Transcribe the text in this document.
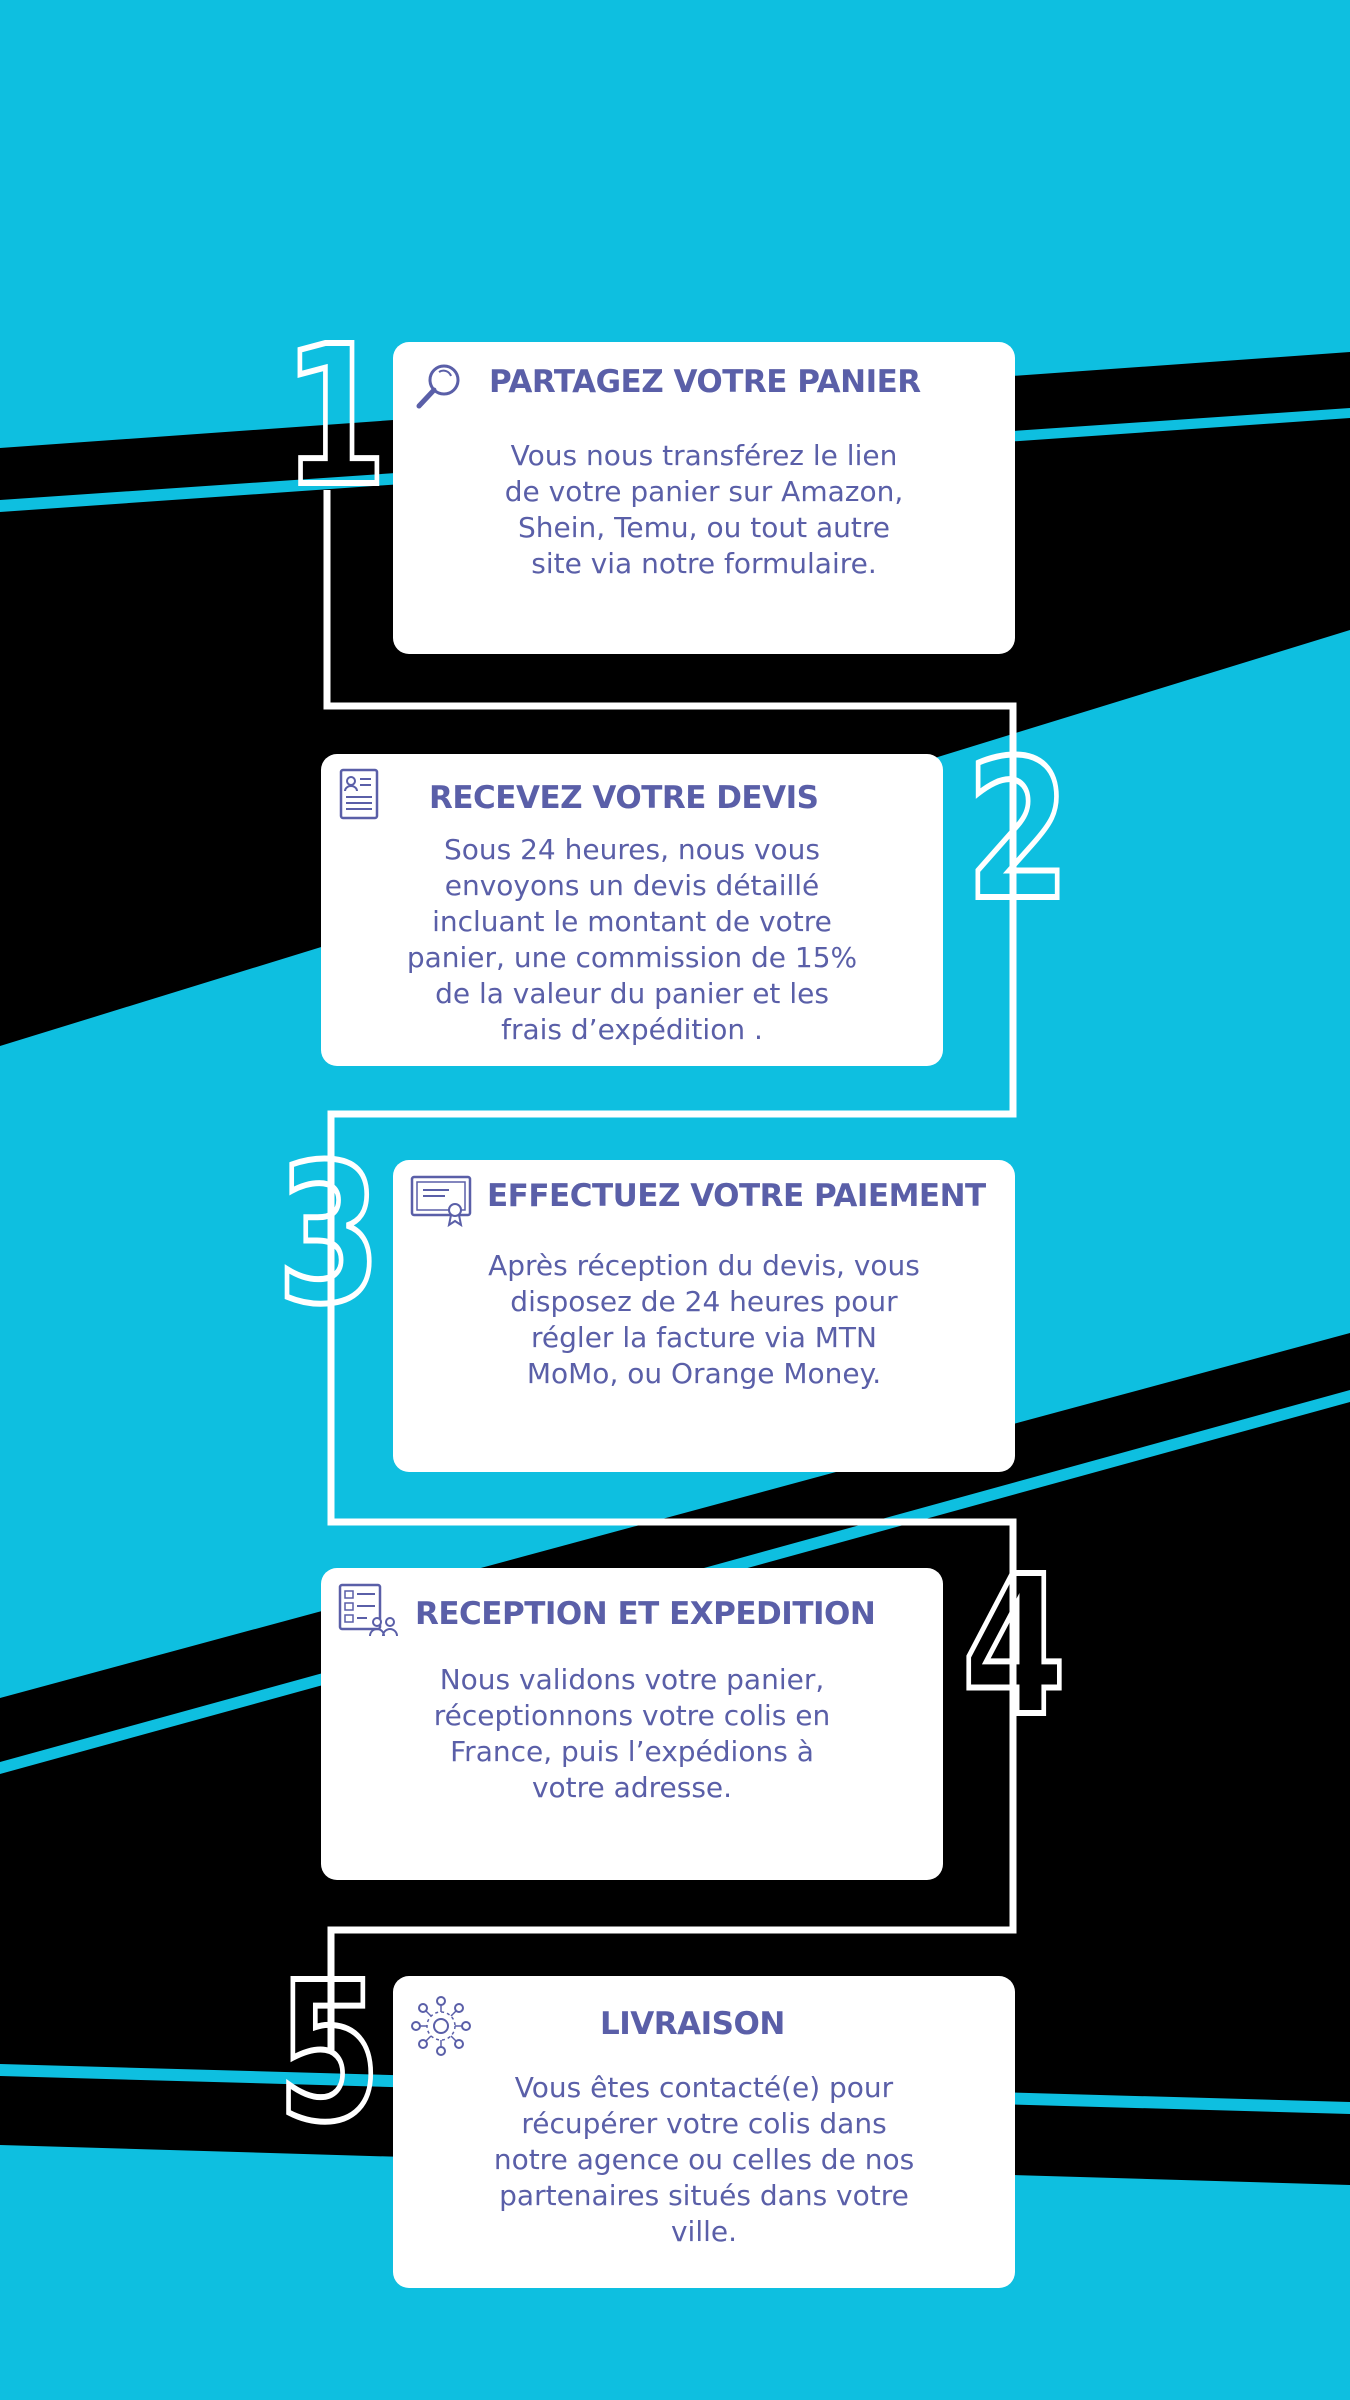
PARTAGEZ VOTRE PANIER
Vous nous transférez le lien
de votre panier sur Amazon,
Shein, Temu, ou tout autre
site via notre formulaire.
1
RECEVEZ VOTRE DEVIS
Sous 24 heures, nous vous
envoyons un devis détaillé
incluant le montant de votre
panier, une commission de 15%
de la valeur du panier et les
frais d’expédition .
2
EFFECTUEZ VOTRE PAIEMENT
Après réception du devis, vous
disposez de 24 heures pour
régler la facture via MTN
MoMo, ou Orange Money.
3
RECEPTION ET EXPEDITION
Nous validons votre panier,
réceptionnons votre colis en
France, puis l’expédions à
votre adresse.
4
LIVRAISON
Vous êtes contacté(e) pour
récupérer votre colis dans
notre agence ou celles de nos
partenaires situés dans votre
ville.
5
